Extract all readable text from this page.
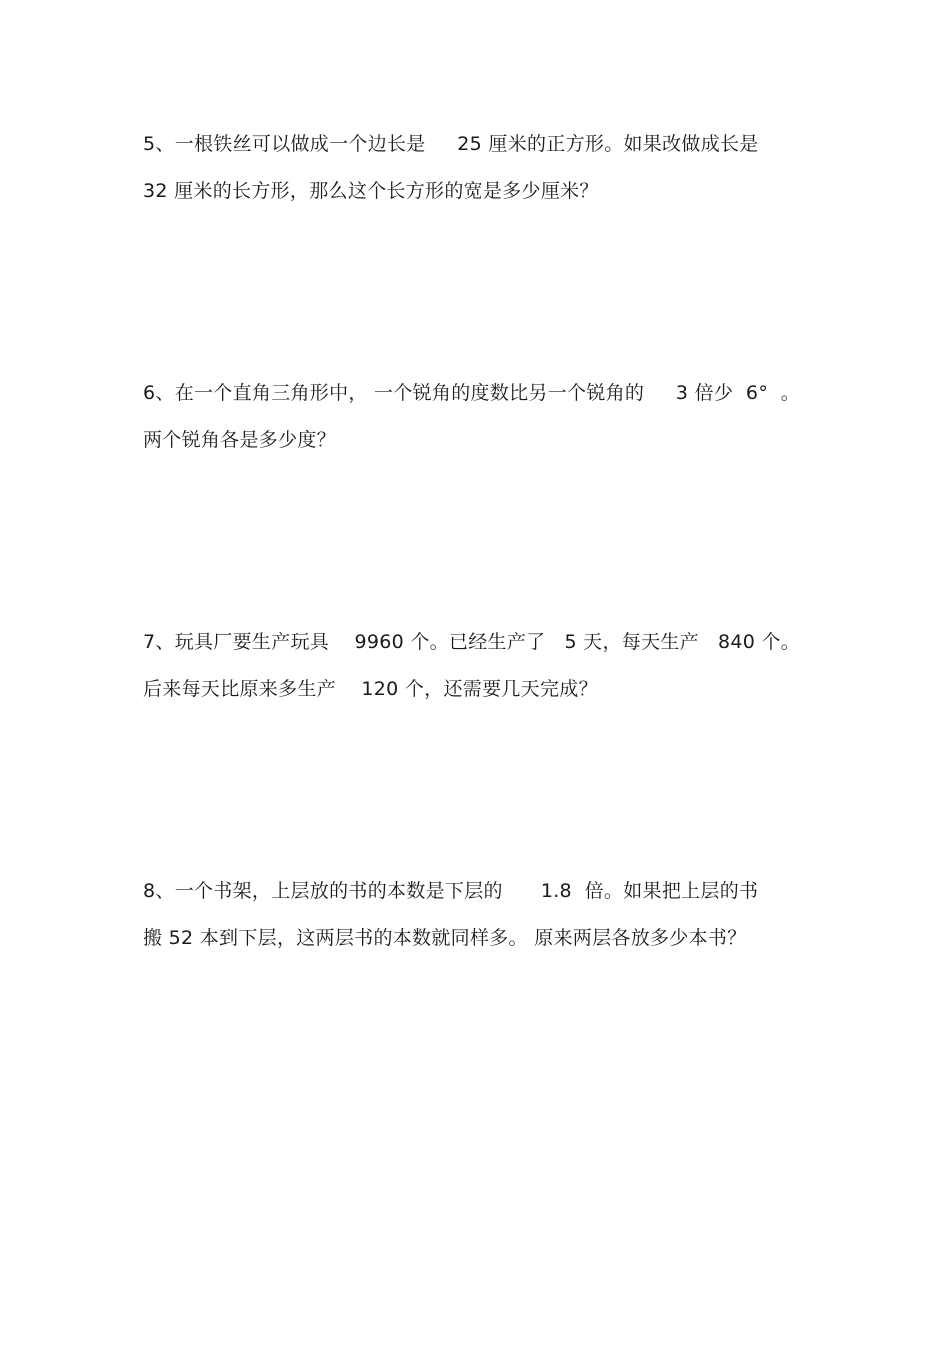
5、一根铁丝可以做成一个边长是     25 厘米的正方形。如果改做成长是
32 厘米的长方形，那么这个长方形的宽是多少厘米？
6、在一个直角三角形中， 一个锐角的度数比另一个锐角的     3 倍少  6°  。
两个锐角各是多少度？
7、玩具厂要生产玩具    9960 个。已经生产了   5 天，每天生产   840 个。
后来每天比原来多生产    120 个，还需要几天完成？
8、一个书架，上层放的书的本数是下层的      1.8  倍。如果把上层的书
搬 52 本到下层，这两层书的本数就同样多。 原来两层各放多少本书？
